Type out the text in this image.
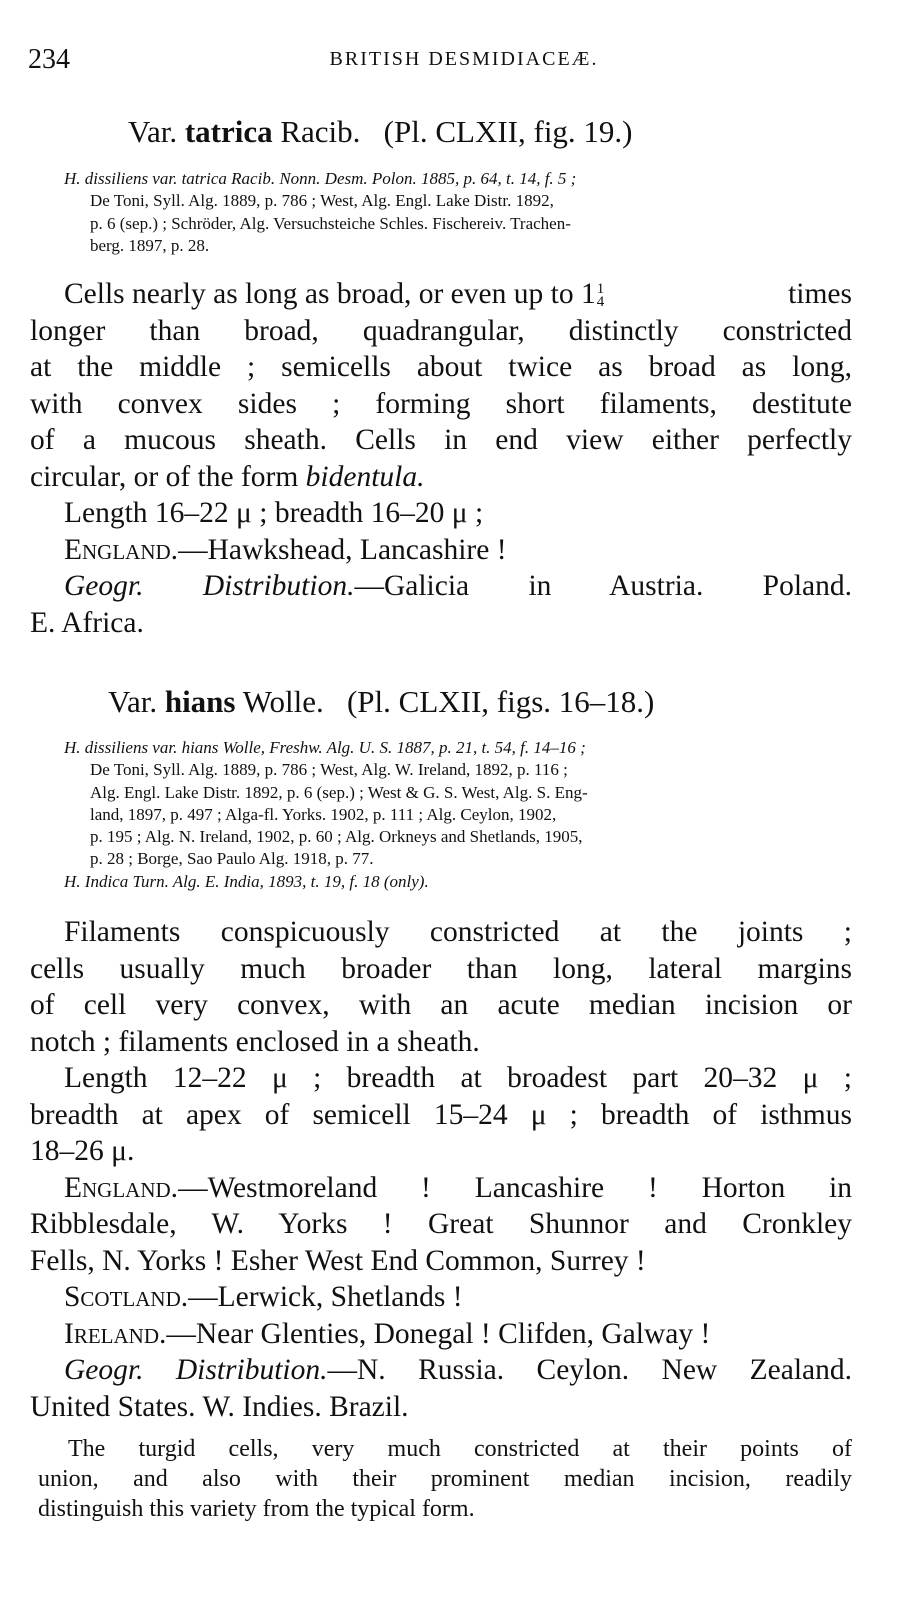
234	BRITISH DESMIDIACEÆ.
Var. tatrica Racib. (Pl. CLXII, fig. 19.)

H. dissiliens var. tatrica Racib. Nonn. Desm. Polon. 1885, p. 64, t. 14, f. 5 ;
De Toni, Syll. Alg. 1889, p. 786 ; West, Alg. Engl. Lake Distr. 1892,
p. 6 (sep.) ; Schröder, Alg. Versuchsteiche Schles. Fischereiv. Trachen-
berg. 1897, p. 28.

Cells nearly as long as broad, or even up to 1 1
4	times
longer than broad, quadrangular, distinctly constricted
at the middle ; semicells about twice as broad as long,
with convex sides ; forming short filaments, destitute
of a mucous sheath. Cells in end view either perfectly
circular, or of the form bidentula.
Length 16–22 μ ; breadth 16–20 μ ;
England.—Hawkshead, Lancashire !
Geogr. Distribution.—Galicia in Austria. Poland.
E. Africa.
Var. hians Wolle. (Pl. CLXII, figs. 16–18.)

H. dissiliens var. hians Wolle, Freshw. Alg. U. S. 1887, p. 21, t. 54, f. 14–16 ;
De Toni, Syll. Alg. 1889, p. 786 ; West, Alg. W. Ireland, 1892, p. 116 ;
Alg. Engl. Lake Distr. 1892, p. 6 (sep.) ; West & G. S. West, Alg. S. Eng-
land, 1897, p. 497 ; Alga-fl. Yorks. 1902, p. 111 ; Alg. Ceylon, 1902,
p. 195 ; Alg. N. Ireland, 1902, p. 60 ; Alg. Orkneys and Shetlands, 1905,
p. 28 ; Borge, Sao Paulo Alg. 1918, p. 77.

H. Indica Turn. Alg. E. India, 1893, t. 19, f. 18 (only).

Filaments conspicuously constricted at the joints ;
cells usually much broader than long, lateral margins
of cell very convex, with an acute median incision or
notch ; filaments enclosed in a sheath.
Length 12–22 μ ; breadth at broadest part 20–32 μ ;
breadth at apex of semicell 15–24 μ ; breadth of isthmus
18–26 μ.
England.—Westmoreland ! Lancashire ! Horton in
Ribblesdale, W. Yorks ! Great Shunnor and Cronkley
Fells, N. Yorks ! Esher West End Common, Surrey !
Scotland.—Lerwick, Shetlands !
Ireland.—Near Glenties, Donegal ! Clifden, Galway !
Geogr. Distribution.—N. Russia. Ceylon. New Zealand.
United States. W. Indies. Brazil.
The turgid cells, very much constricted at their points of
union, and also with their prominent median incision, readily
distinguish this variety from the typical form.
